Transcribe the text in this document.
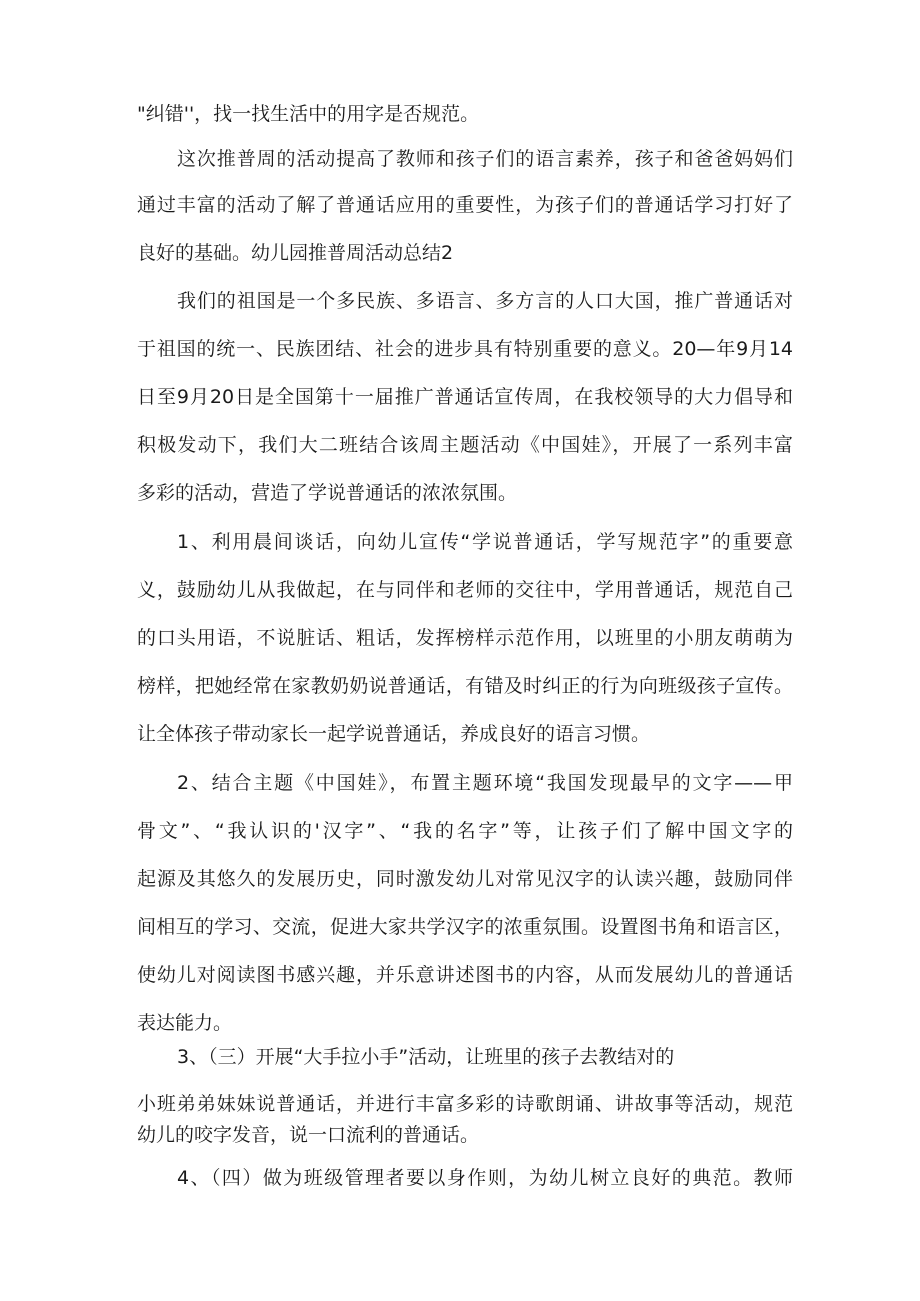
"纠错''，找一找生活中的用字是否规范。

这次推普周的活动提高了教师和孩子们的语言素养，孩子和爸爸妈妈们

通过丰富的活动了解了普通话应用的重要性，为孩子们的普通话学习打好了

良好的基础。幼儿园推普周活动总结2

我们的祖国是一个多民族、多语言、多方言的人口大国，推广普通话对

于祖国的统一、民族团结、社会的进步具有特别重要的意义。20—年9月14

日至9月20日是全国第十一届推广普通话宣传周，在我校领导的大力倡导和

积极发动下，我们大二班结合该周主题活动《中国娃》，开展了一系列丰富

多彩的活动，营造了学说普通话的浓浓氛围。

1、利用晨间谈话，向幼儿宣传“学说普通话，学写规范字”的重要意

义，鼓励幼儿从我做起，在与同伴和老师的交往中，学用普通话，规范自己

的口头用语，不说脏话、粗话，发挥榜样示范作用，以班里的小朋友萌萌为

榜样，把她经常在家教奶奶说普通话，有错及时纠正的行为向班级孩子宣传。

让全体孩子带动家长一起学说普通话，养成良好的语言习惯。

2、结合主题《中国娃》，布置主题环境“我国发现最早的文字——甲

骨文”、“我认识的'汉字”、“我的名字”等，让孩子们了解中国文字的

起源及其悠久的发展历史，同时激发幼儿对常见汉字的认读兴趣，鼓励同伴

间相互的学习、交流，促进大家共学汉字的浓重氛围。设置图书角和语言区，

使幼儿对阅读图书感兴趣，并乐意讲述图书的内容，从而发展幼儿的普通话

表达能力。

3、（三）开展“大手拉小手”活动，让班里的孩子去教结对的

小班弟弟妹妹说普通话，并进行丰富多彩的诗歌朗诵、讲故事等活动，规范

幼儿的咬字发音，说一口流利的普通话。

4、（四）做为班级管理者要以身作则，为幼儿树立良好的典范。教师
